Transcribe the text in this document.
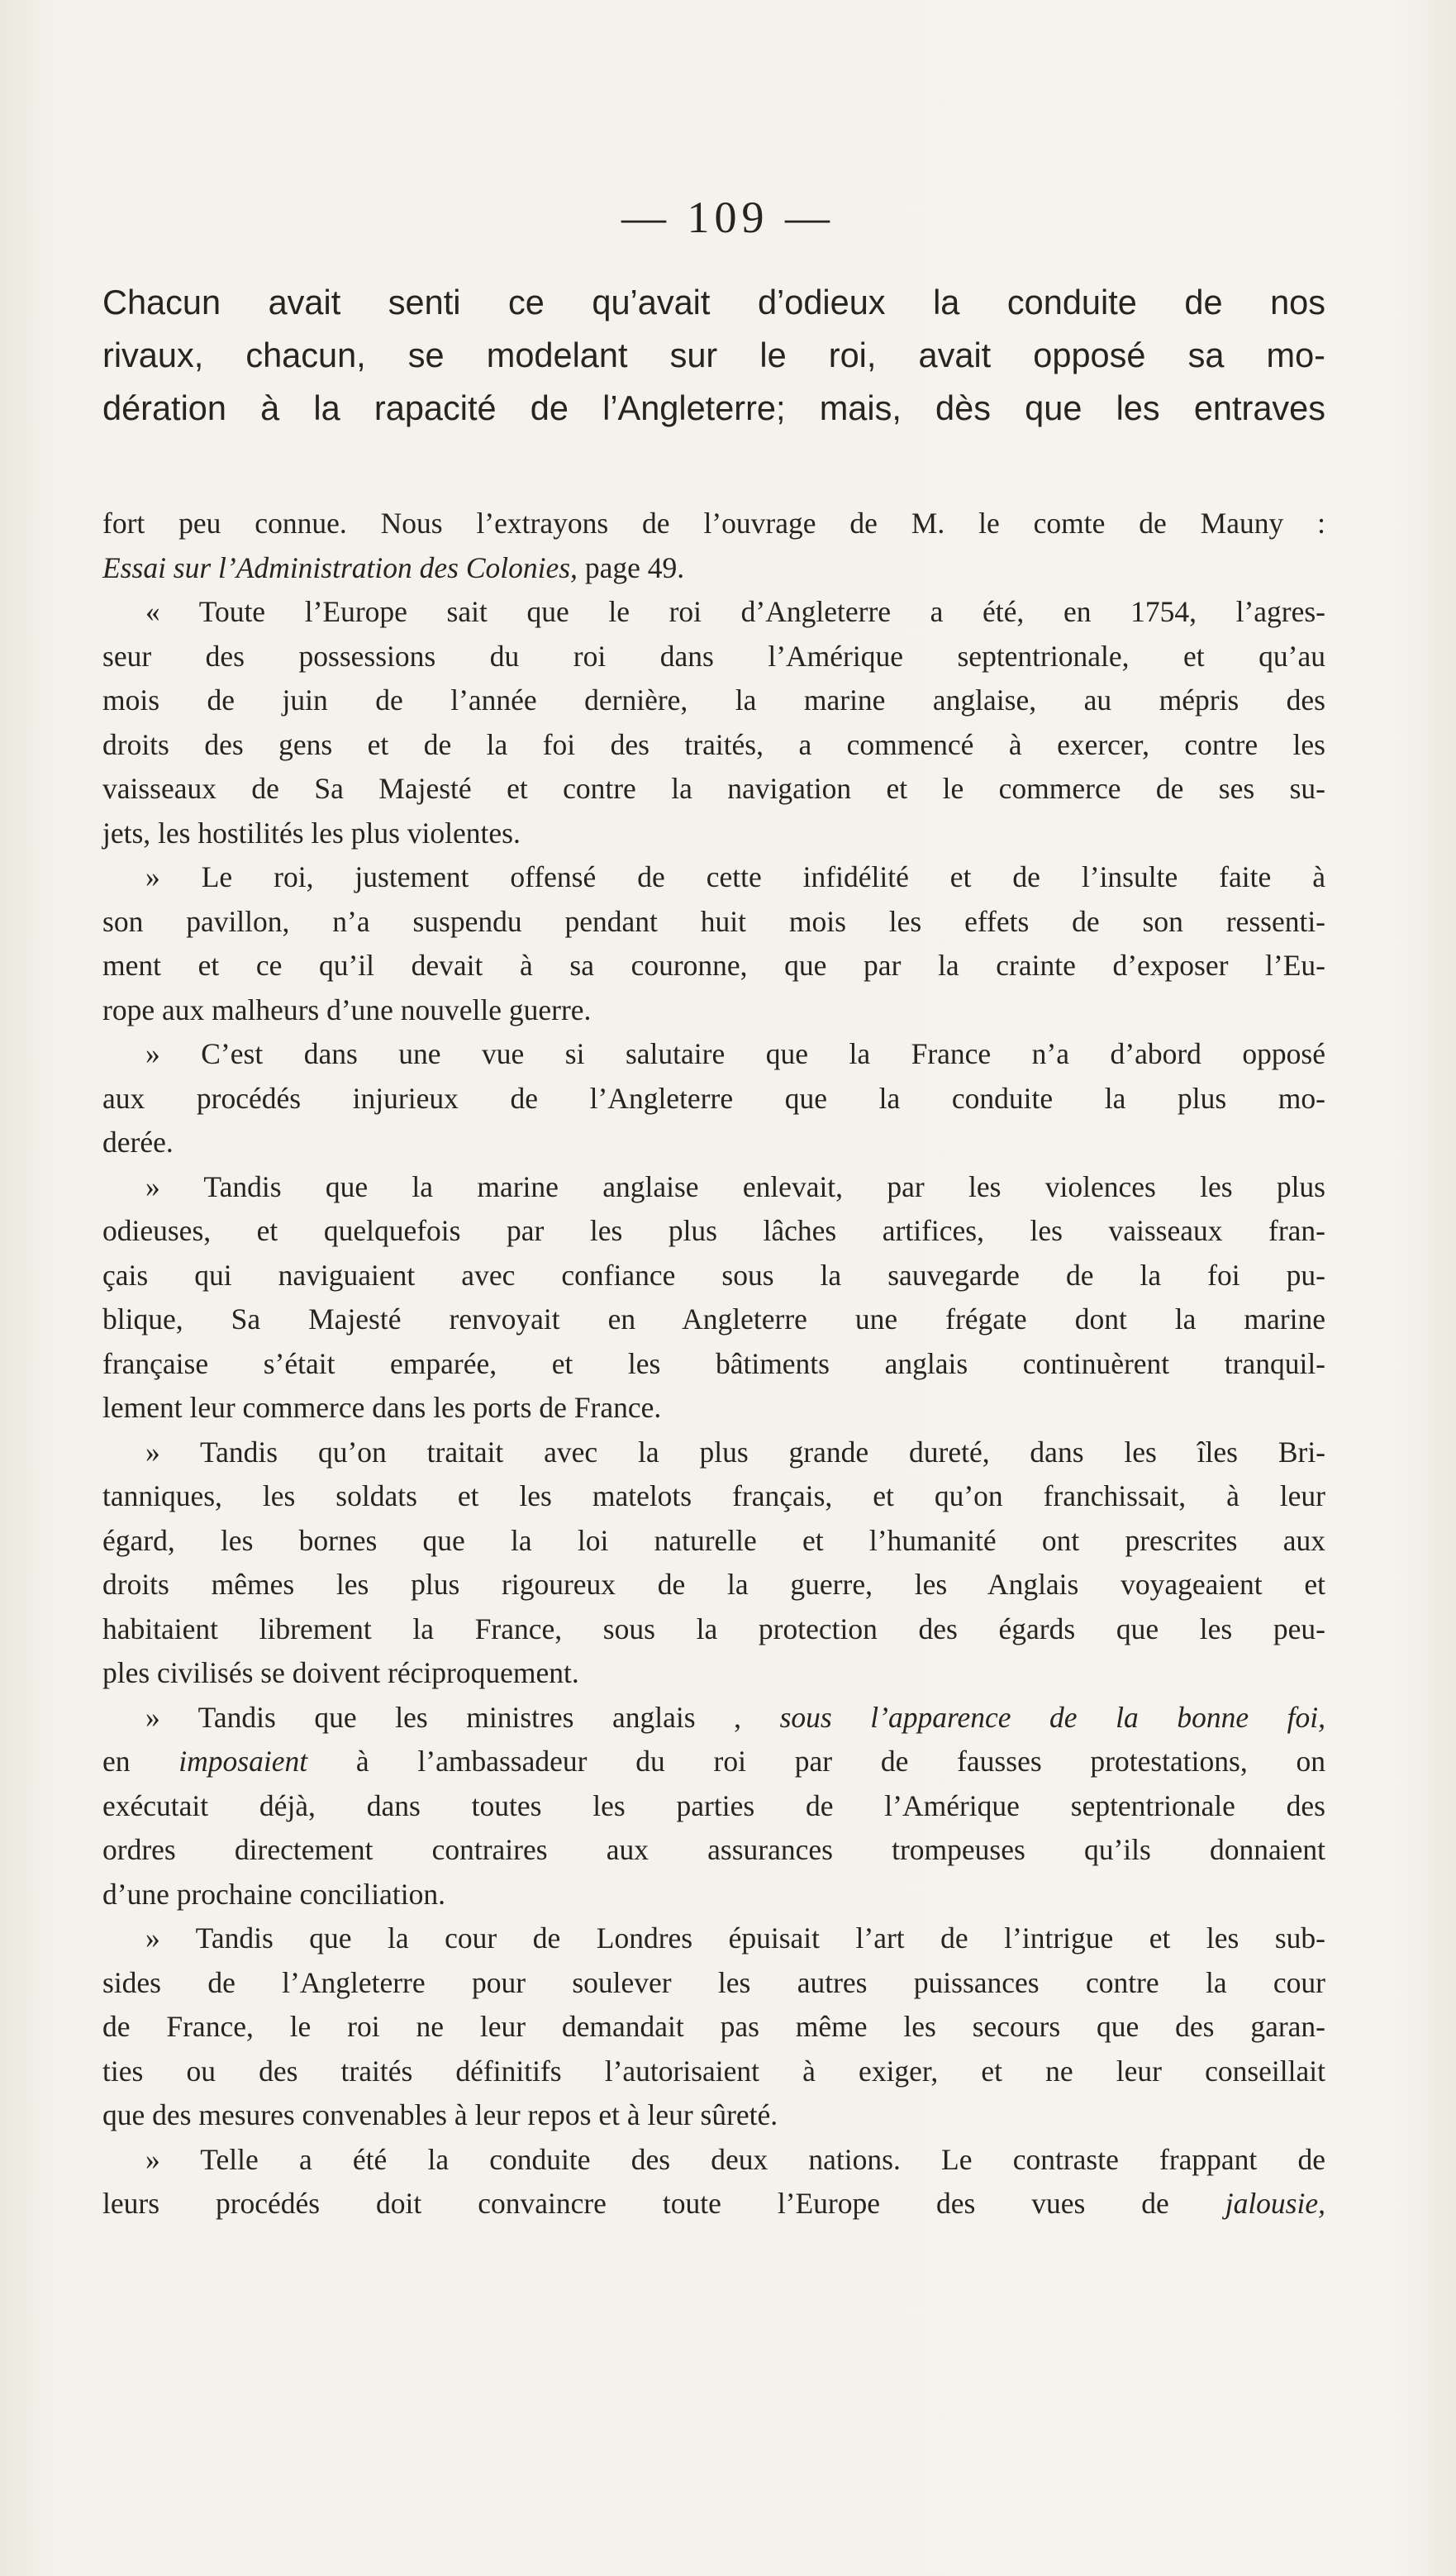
— 109 —
Chacun avait senti ce qu’avait d’odieux la conduite de nos
rivaux, chacun, se modelant sur le roi, avait opposé sa mo-
dération à la rapacité de l’Angleterre; mais, dès que les entraves
fort peu connue. Nous l’extrayons de l’ouvrage de M. le comte de Mauny :
Essai sur l’Administration des Colonies, page 49.
« Toute l’Europe sait que le roi d’Angleterre a été, en 1754, l’agres-
seur des possessions du roi dans l’Amérique septentrionale, et qu’au
mois de juin de l’année dernière, la marine anglaise, au mépris des
droits des gens et de la foi des traités, a commencé à exercer, contre les
vaisseaux de Sa Majesté et contre la navigation et le commerce de ses su-
jets, les hostilités les plus violentes.
» Le roi, justement offensé de cette infidélité et de l’insulte faite à
son pavillon, n’a suspendu pendant huit mois les effets de son ressenti-
ment et ce qu’il devait à sa couronne, que par la crainte d’exposer l’Eu-
rope aux malheurs d’une nouvelle guerre.
» C’est dans une vue si salutaire que la France n’a d’abord opposé
aux procédés injurieux de l’Angleterre que la conduite la plus mo-
derée.
» Tandis que la marine anglaise enlevait, par les violences les plus
odieuses, et quelquefois par les plus lâches artifices, les vaisseaux fran-
çais qui naviguaient avec confiance sous la sauvegarde de la foi pu-
blique, Sa Majesté renvoyait en Angleterre une frégate dont la marine
française s’était emparée, et les bâtiments anglais continuèrent tranquil-
lement leur commerce dans les ports de France.
» Tandis qu’on traitait avec la plus grande dureté, dans les îles Bri-
tanniques, les soldats et les matelots français, et qu’on franchissait, à leur
égard, les bornes que la loi naturelle et l’humanité ont prescrites aux
droits mêmes les plus rigoureux de la guerre, les Anglais voyageaient et
habitaient librement la France, sous la protection des égards que les peu-
ples civilisés se doivent réciproquement.
» Tandis que les ministres anglais , sous l’apparence de la bonne foi,
en imposaient à l’ambassadeur du roi par de fausses protestations, on
exécutait déjà, dans toutes les parties de l’Amérique septentrionale des
ordres directement contraires aux assurances trompeuses qu’ils donnaient
d’une prochaine conciliation.
» Tandis que la cour de Londres épuisait l’art de l’intrigue et les sub-
sides de l’Angleterre pour soulever les autres puissances contre la cour
de France, le roi ne leur demandait pas même les secours que des garan-
ties ou des traités définitifs l’autorisaient à exiger, et ne leur conseillait
que des mesures convenables à leur repos et à leur sûreté.
» Telle a été la conduite des deux nations. Le contraste frappant de
leurs procédés doit convaincre toute l’Europe des vues de jalousie,
